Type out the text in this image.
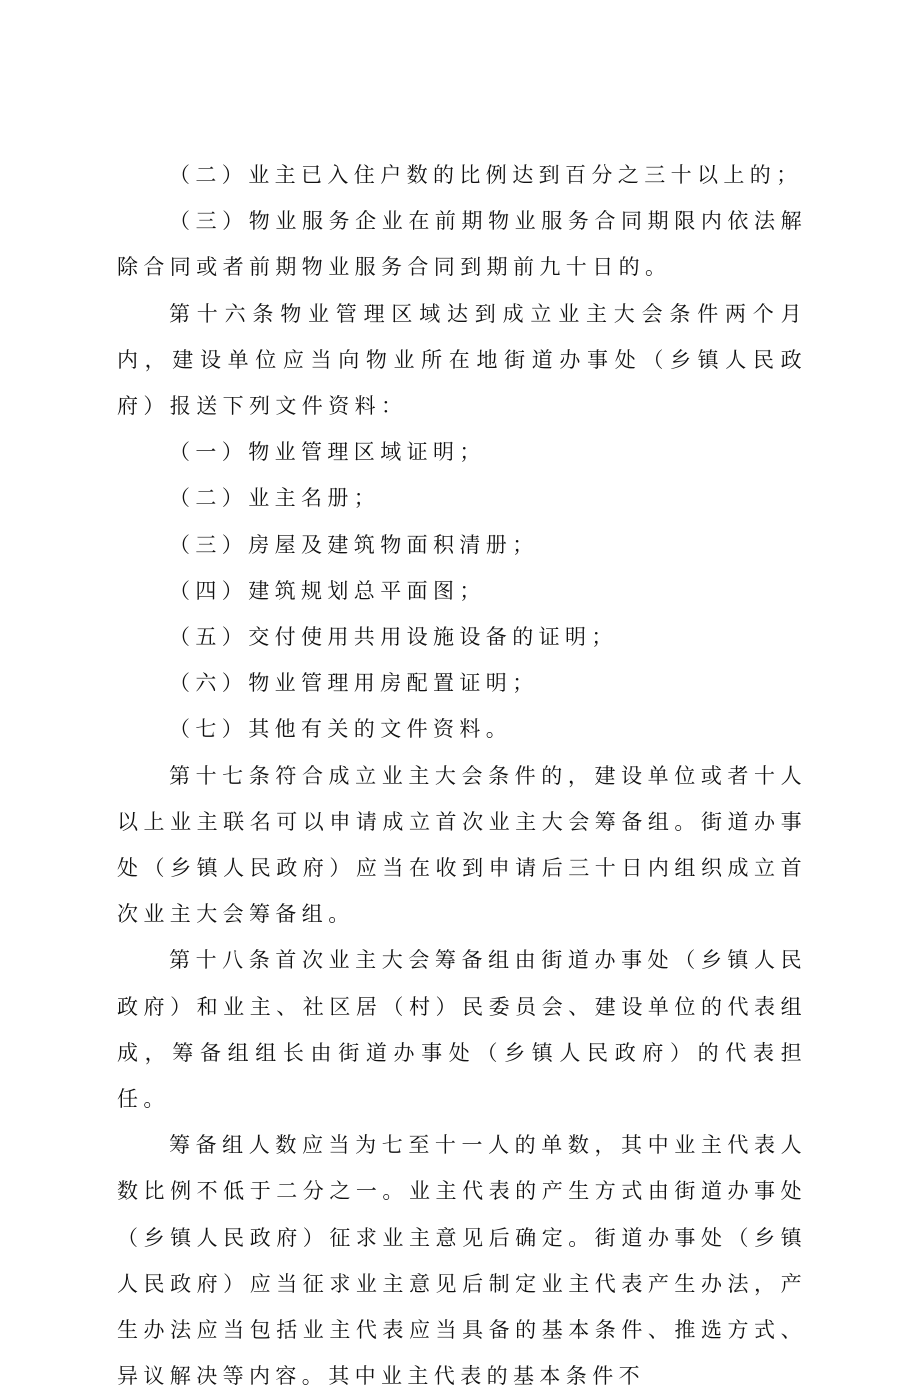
（二）业主已入住户数的比例达到百分之三十以上的；

（三）物业服务企业在前期物业服务合同期限内依法解除合同或者前期物业服务合同到期前九十日的。

第十六条物业管理区域达到成立业主大会条件两个月内，建设单位应当向物业所在地街道办事处（乡镇人民政府）报送下列文件资料：

（一）物业管理区域证明；

（二）业主名册；

（三）房屋及建筑物面积清册；

（四）建筑规划总平面图；

（五）交付使用共用设施设备的证明；

（六）物业管理用房配置证明；

（七）其他有关的文件资料。

第十七条符合成立业主大会条件的，建设单位或者十人以上业主联名可以申请成立首次业主大会筹备组。街道办事处（乡镇人民政府）应当在收到申请后三十日内组织成立首次业主大会筹备组。

第十八条首次业主大会筹备组由街道办事处（乡镇人民政府）和业主、社区居（村）民委员会、建设单位的代表组成，筹备组组长由街道办事处（乡镇人民政府）的代表担任。

筹备组人数应当为七至十一人的单数，其中业主代表人数比例不低于二分之一。业主代表的产生方式由街道办事处（乡镇人民政府）征求业主意见后确定。街道办事处（乡镇人民政府）应当征求业主意见后制定业主代表产生办法，产生办法应当包括业主代表应当具备的基本条件、推选方式、异议解决等内容。其中业主代表的基本条件不
